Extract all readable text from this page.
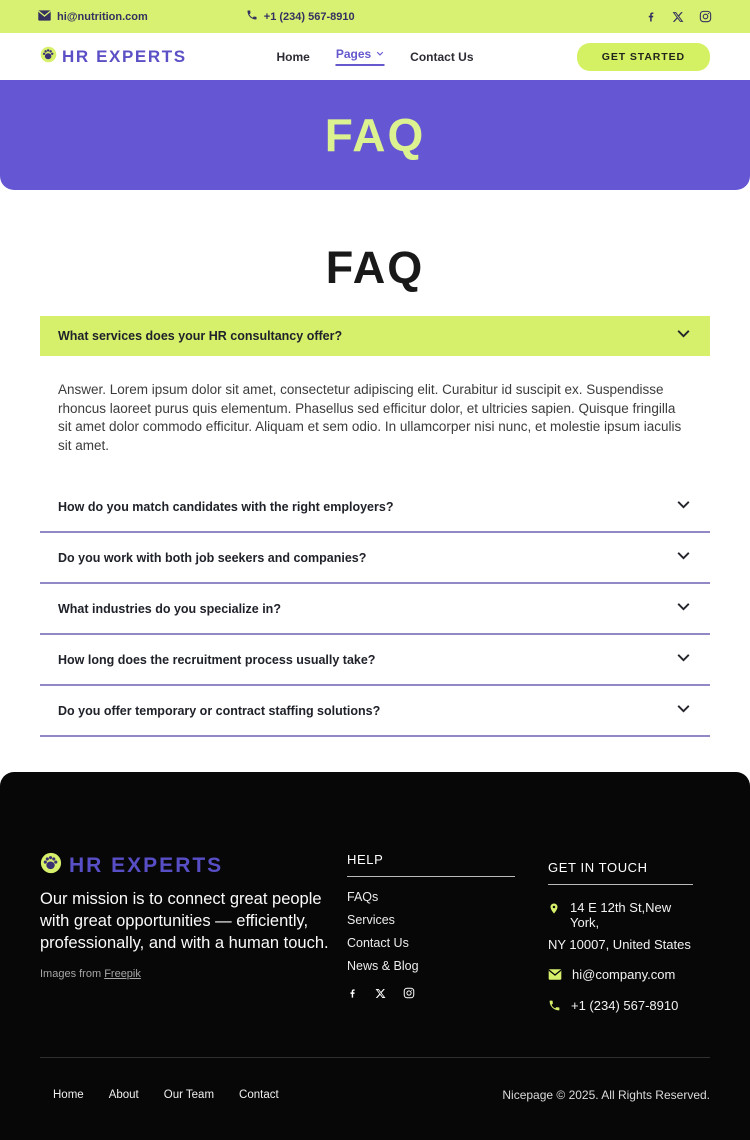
hi@nutrition.com	+1 (234) 567-8910
HR EXPERTS	Home Pages	Contact Us	GET STARTED
FAQ
FAQ
What services does your HR consultancy offer?
Answer. Lorem ipsum dolor sit amet, consectetur adipiscing elit. Curabitur id suscipit ex. Suspendisse rhoncus laoreet purus quis elementum. Phasellus sed efficitur dolor, et ultricies sapien. Quisque fringilla sit amet dolor commodo efficitur. Aliquam et sem odio. In ullamcorper nisi nunc, et molestie ipsum iaculis sit amet.
How do you match candidates with the right employers?
Do you work with both job seekers and companies?
What industries do you specialize in?
How long does the recruitment process usually take?
Do you offer temporary or contract staffing solutions?
HR EXPERTS
Our mission is to connect great people with great opportunities — efficiently, professionally, and with a human touch.
Images from Freepik
HELP
FAQs
Services
Contact Us
News & Blog
GET IN TOUCH
14 E 12th St,New York,
NY 10007, United States
hi@company.com
+1 (234) 567-8910
Home About Our Team Contact	Nicepage © 2025. All Rights Reserved.
